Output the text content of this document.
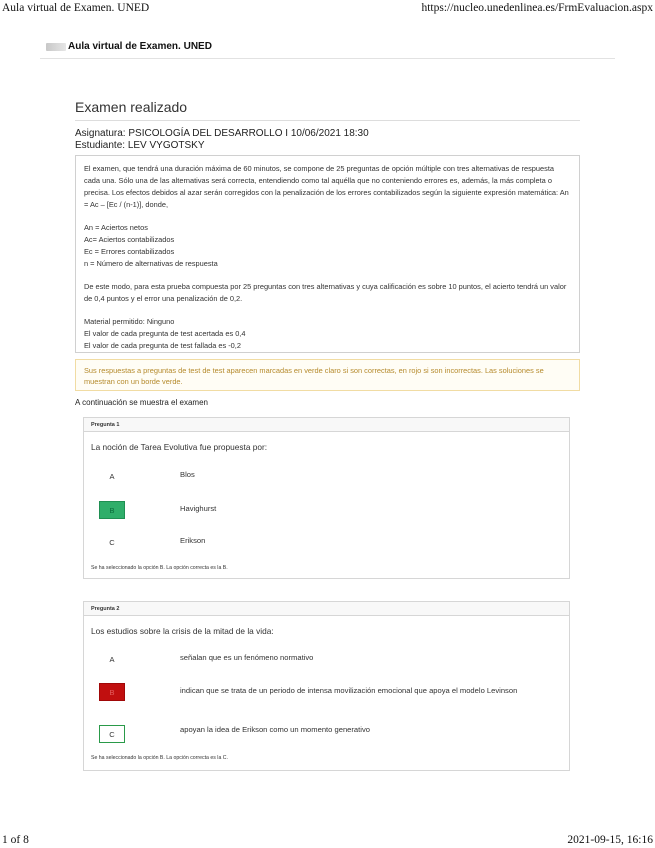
Aula virtual de Examen. UNED	https://nucleo.unedenlinea.es/FrmEvaluacion.aspx
Aula virtual de Examen. UNED
Examen realizado
Asignatura: PSICOLOGÍA DEL DESARROLLO I 10/06/2021 18:30
Estudiante: LEV VYGOTSKY

El examen, que tendrá una duración máxima de 60 minutos, se compone de 25 preguntas de opción múltiple con tres alternativas de respuesta cada una. Sólo una de las alternativas será correcta, entendiendo como tal aquélla que no conteniendo errores es, además, la más completa o precisa. Los efectos debidos al azar serán corregidos con la penalización de los errores contabilizados según la siguiente expresión matemática: An = Ac – [Ec / (n-1)], donde,

An = Aciertos netos
Ac= Aciertos contabilizados
Ec = Errores contabilizados
n = Número de alternativas de respuesta

De este modo, para esta prueba compuesta por 25 preguntas con tres alternativas y cuya calificación es sobre 10 puntos, el acierto tendrá un valor de 0,4 puntos y el error una penalización de 0,2.

Material permitido: Ninguno
El valor de cada pregunta de test acertada es 0,4
El valor de cada pregunta de test fallada es -0,2

Sus respuestas a preguntas de test de test aparecen marcadas en verde claro si son correctas, en rojo si son incorrectas. Las soluciones se muestran con un borde verde.
A continuación se muestra el examen
Pregunta 1
La noción de Tarea Evolutiva fue propuesta por:
A	Blos
B	Havighurst
C	Erikson
Se ha seleccionado la opción B. La opción correcta es la B.
Pregunta 2
Los estudios sobre la crisis de la mitad de la vida:
A	señalan que es un fenómeno normativo
B	indican que se trata de un periodo de intensa movilización emocional que apoya el modelo Levinson
C
apoyan la idea de Erikson como un momento generativo
Se ha seleccionado la opción B. La opción correcta es la C.
1 of 8	2021-09-15, 16:16
